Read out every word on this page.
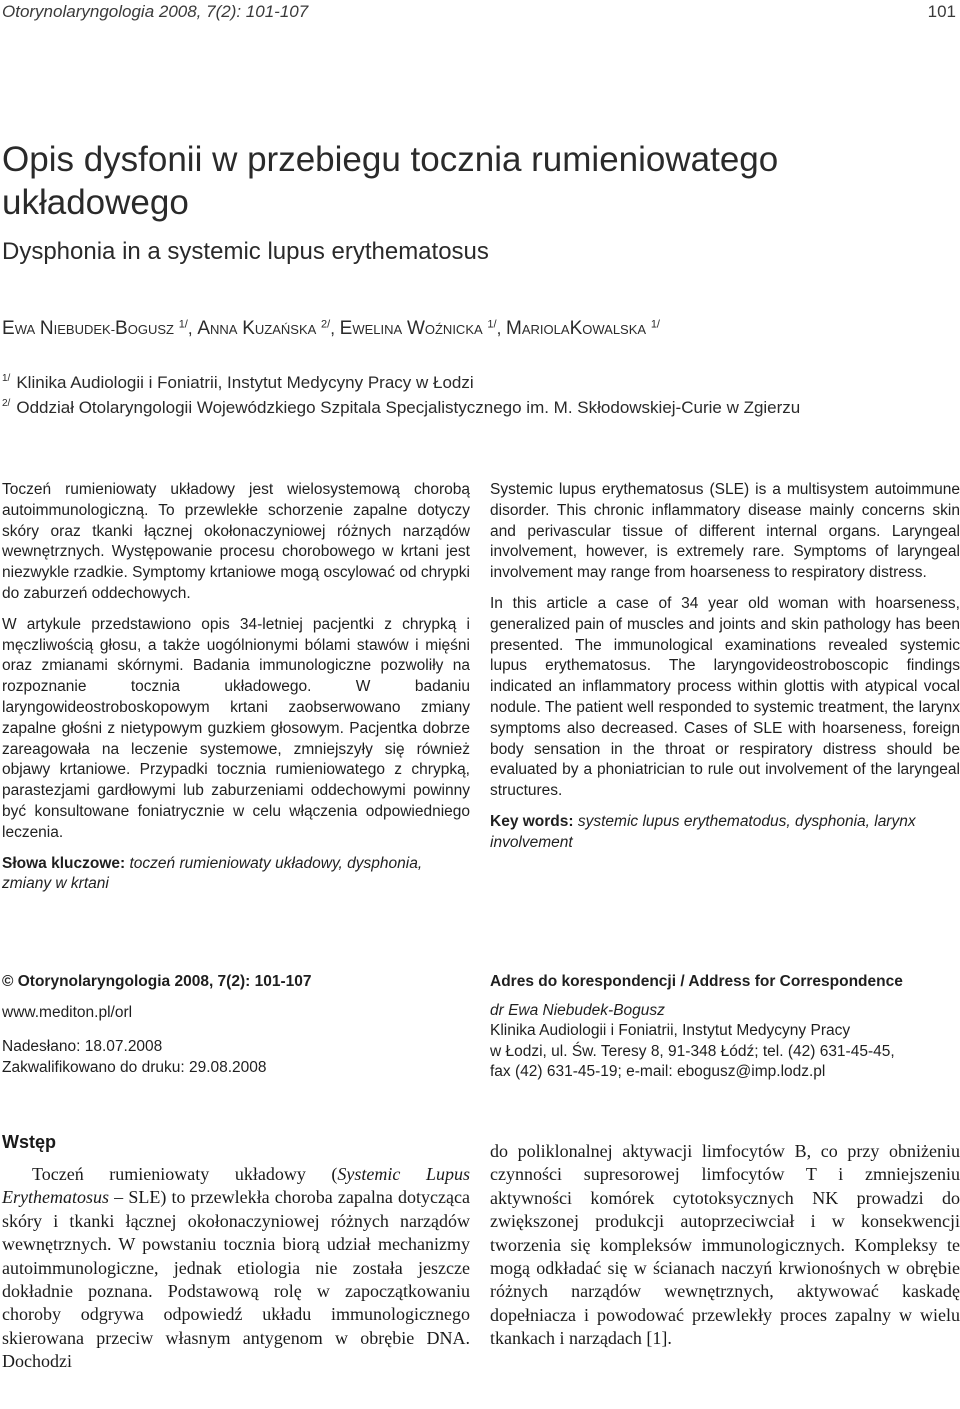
Otorynolaryngologia 2008, 7(2): 101-107	101
Opis dysfonii w przebiegu tocznia rumieniowatego układowego
Dysphonia in a systemic lupus erythematosus
EWA NIEBUDEK-BOGUSZ $^{1/}$, ANNA KUZAŃSKA $^{2/}$, EWELINA WOŹNICKA $^{1/}$, MARIOLAKOWALSKA $^{1/}$
$^{1/}$ Klinika Audiologii i Foniatrii, Instytut Medycyny Pracy w Łodzi
$^{2/}$ Oddział Otolaryngologii Wojewódzkiego Szpitala Specjalistycznego im. M. Skłodowskiej-Curie w Zgierzu

Toczeń rumieniowaty układowy jest wielosystemową chorobą autoimmunologiczną. To przewlekłe schorzenie zapalne dotyczy skóry oraz tkanki łącznej okołonaczyniowej różnych narządów wewnętrznych. Występowanie procesu chorobowego w krtani jest niezwykle rzadkie. Symptomy krtaniowe mogą oscylować od chrypki do zaburzeń oddechowych.

W artykule przedstawiono opis 34-letniej pacjentki z chrypką i męczliwością głosu, a także uogólnionymi bólami stawów i mięśni oraz zmianami skórnymi. Badania immunologiczne pozwoliły na rozpoznanie tocznia układowego. W badaniu laryngowideostroboskopowym krtani zaobserwowano zmiany zapalne głośni z nietypowym guzkiem głosowym. Pacjentka dobrze zareagowała na leczenie systemowe, zmniejszyły się również objawy krtaniowe. Przypadki tocznia rumieniowatego z chrypką, parastezjami gardłowymi lub zaburzeniami oddechowymi powinny być konsultowane foniatrycznie w celu włączenia odpowiedniego leczenia.

Słowa kluczowe: toczeń rumieniowaty układowy, dysphonia, zmiany w krtani

Systemic lupus erythematosus (SLE) is a multisystem autoimmune disorder. This chronic inflammatory disease mainly concerns skin and perivascular tissue of different internal organs. Laryngeal involvement, however, is extremely rare. Symptoms of laryngeal involvement may range from hoarseness to respiratory distress.

In this article a case of 34 year old woman with hoarseness, generalized pain of muscles and joints and skin pathology has been presented. The immunological examinations revealed systemic lupus erythematosus. The laryngovideostroboscopic findings indicated an inflammatory process within glottis with atypical vocal nodule. The patient well responded to systemic treatment, the larynx symptoms also decreased. Cases of SLE with hoarseness, foreign body sensation in the throat or respiratory distress should be evaluated by a phoniatrician to rule out involvement of the laryngeal structures.

Key words: systemic lupus erythematodus, dysphonia, larynx involvement

© Otorynolaryngologia 2008, 7(2): 101-107
www.mediton.pl/orl
Nadesłano: 18.07.2008
Zakwalifikowano do druku: 29.08.2008
Adres do korespondencji / Address for Correspondence
dr Ewa Niebudek-Bogusz
Klinika Audiologii i Foniatrii, Instytut Medycyny Pracy
w Łodzi, ul. Św. Teresy 8, 91-348 Łódź; tel. (42) 631-45-45,
fax (42) 631-45-19; e-mail: ebogusz@imp.lodz.pl
Wstęp
Toczeń rumieniowaty układowy (Systemic Lupus Erythematosus – SLE) to przewlekła choroba zapalna dotycząca skóry i tkanki łącznej okołonaczyniowej różnych narządów wewnętrznych. W powstaniu tocznia biorą udział mechanizmy autoimmunologiczne, jednak etiologia nie została jeszcze dokładnie poznana. Podstawową rolę w zapoczątkowaniu choroby odgrywa odpowiedź układu immunologicznego skierowana przeciw własnym antygenom w obrębie DNA. Dochodzi
do poliklonalnej aktywacji limfocytów B, co przy obniżeniu czynności supresorowej limfocytów T i zmniejszeniu aktywności komórek cytotoksycznych NK prowadzi do zwiększonej produkcji autoprzeciwciał i w konsekwencji tworzenia się kompleksów immunologicznych. Kompleksy te mogą odkładać się w ścianach naczyń krwionośnych w obrębie różnych narządów wewnętrznych, aktywować kaskadę dopełniacza i powodować przewlekły proces zapalny w wielu tkankach i narządach [1].
